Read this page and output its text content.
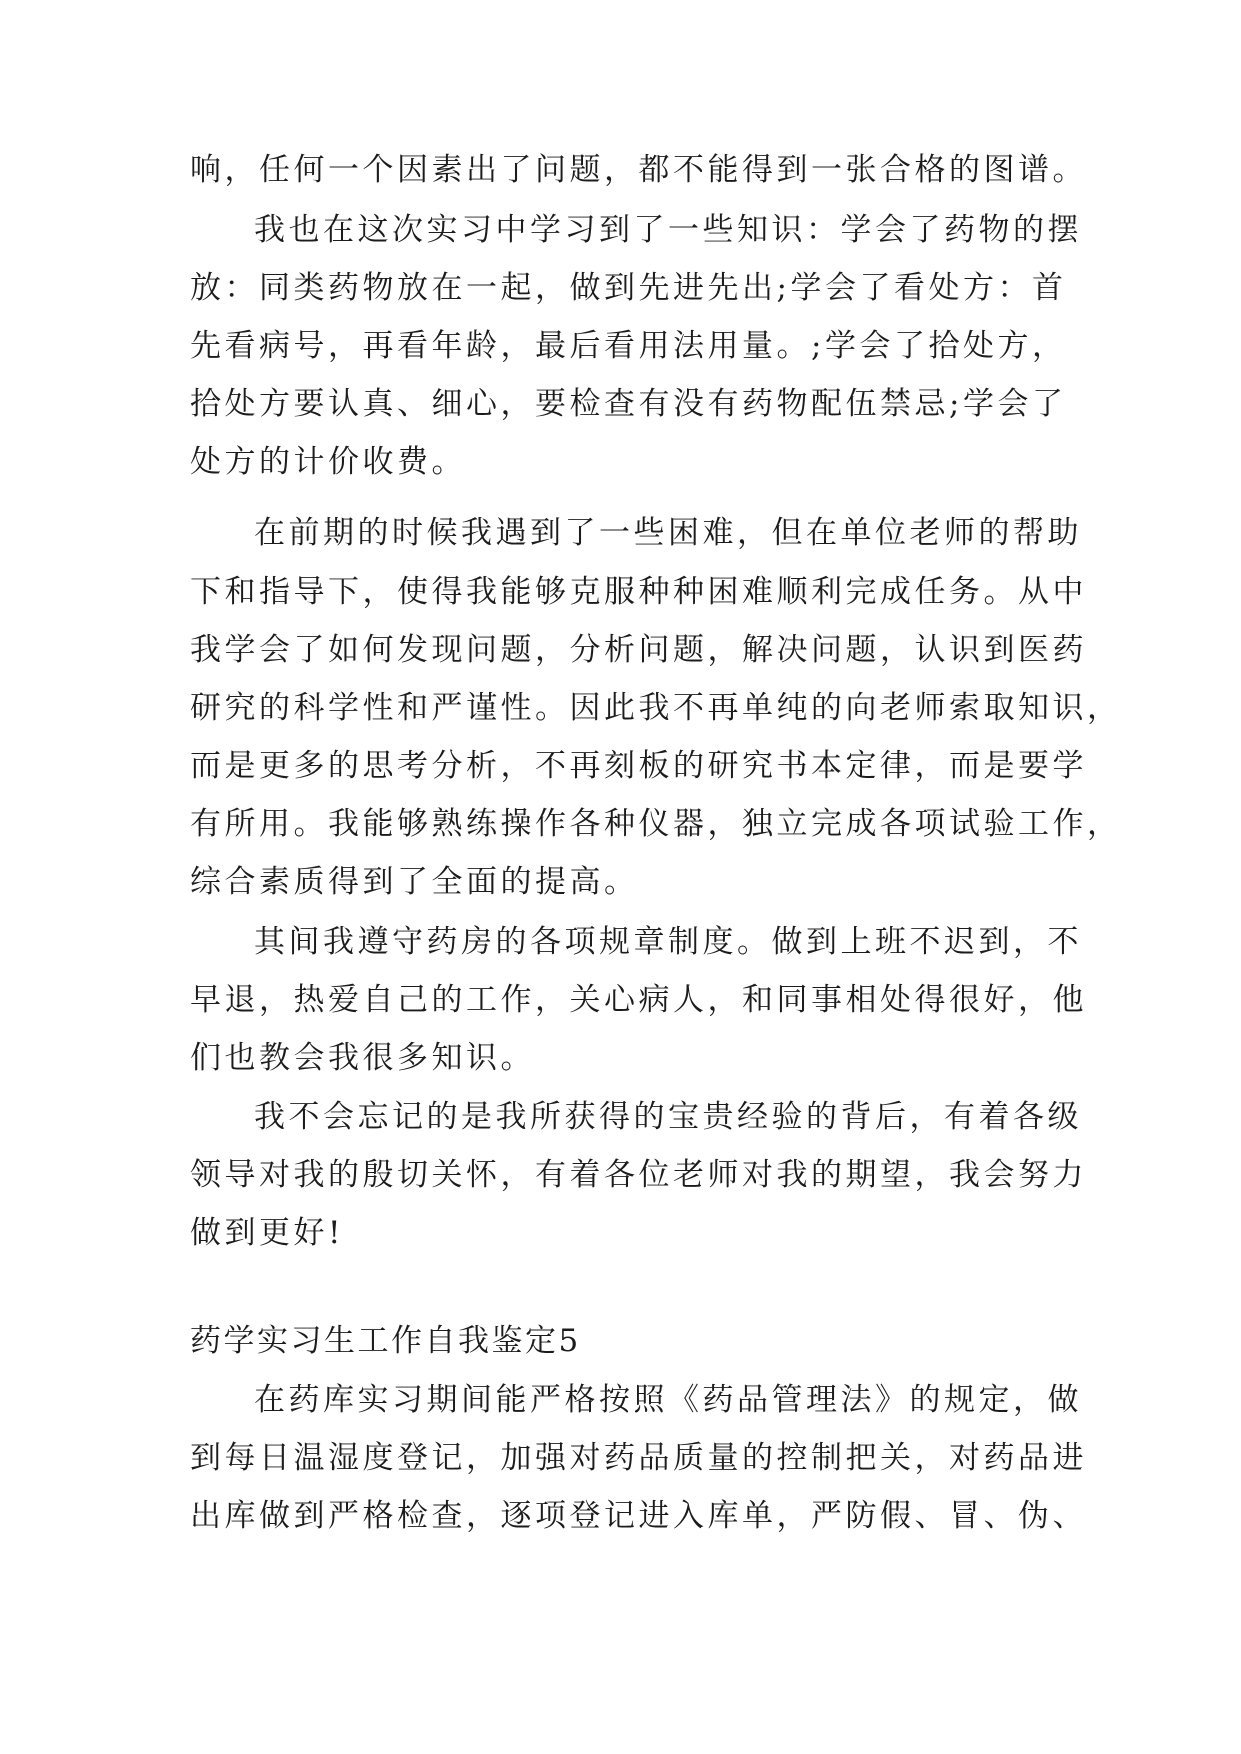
响，任何一个因素出了问题，都不能得到一张合格的图谱。
我也在这次实习中学习到了一些知识：学会了药物的摆
放：同类药物放在一起，做到先进先出;学会了看处方：首
先看病号，再看年龄，最后看用法用量。;学会了拾处方，
拾处方要认真、细心，要检查有没有药物配伍禁忌;学会了
处方的计价收费。
在前期的时候我遇到了一些困难，但在单位老师的帮助
下和指导下，使得我能够克服种种困难顺利完成任务。从中
我学会了如何发现问题，分析问题，解决问题，认识到医药
研究的科学性和严谨性。因此我不再单纯的向老师索取知识，
而是更多的思考分析，不再刻板的研究书本定律，而是要学
有所用。我能够熟练操作各种仪器，独立完成各项试验工作，
综合素质得到了全面的提高。
其间我遵守药房的各项规章制度。做到上班不迟到，不
早退，热爱自己的工作，关心病人，和同事相处得很好，他
们也教会我很多知识。
我不会忘记的是我所获得的宝贵经验的背后，有着各级
领导对我的殷切关怀，有着各位老师对我的期望，我会努力
做到更好!
药学实习生工作自我鉴定5
在药库实习期间能严格按照《药品管理法》的规定，做
到每日温湿度登记，加强对药品质量的控制把关，对药品进
出库做到严格检查，逐项登记进入库单，严防假、冒、伪、
